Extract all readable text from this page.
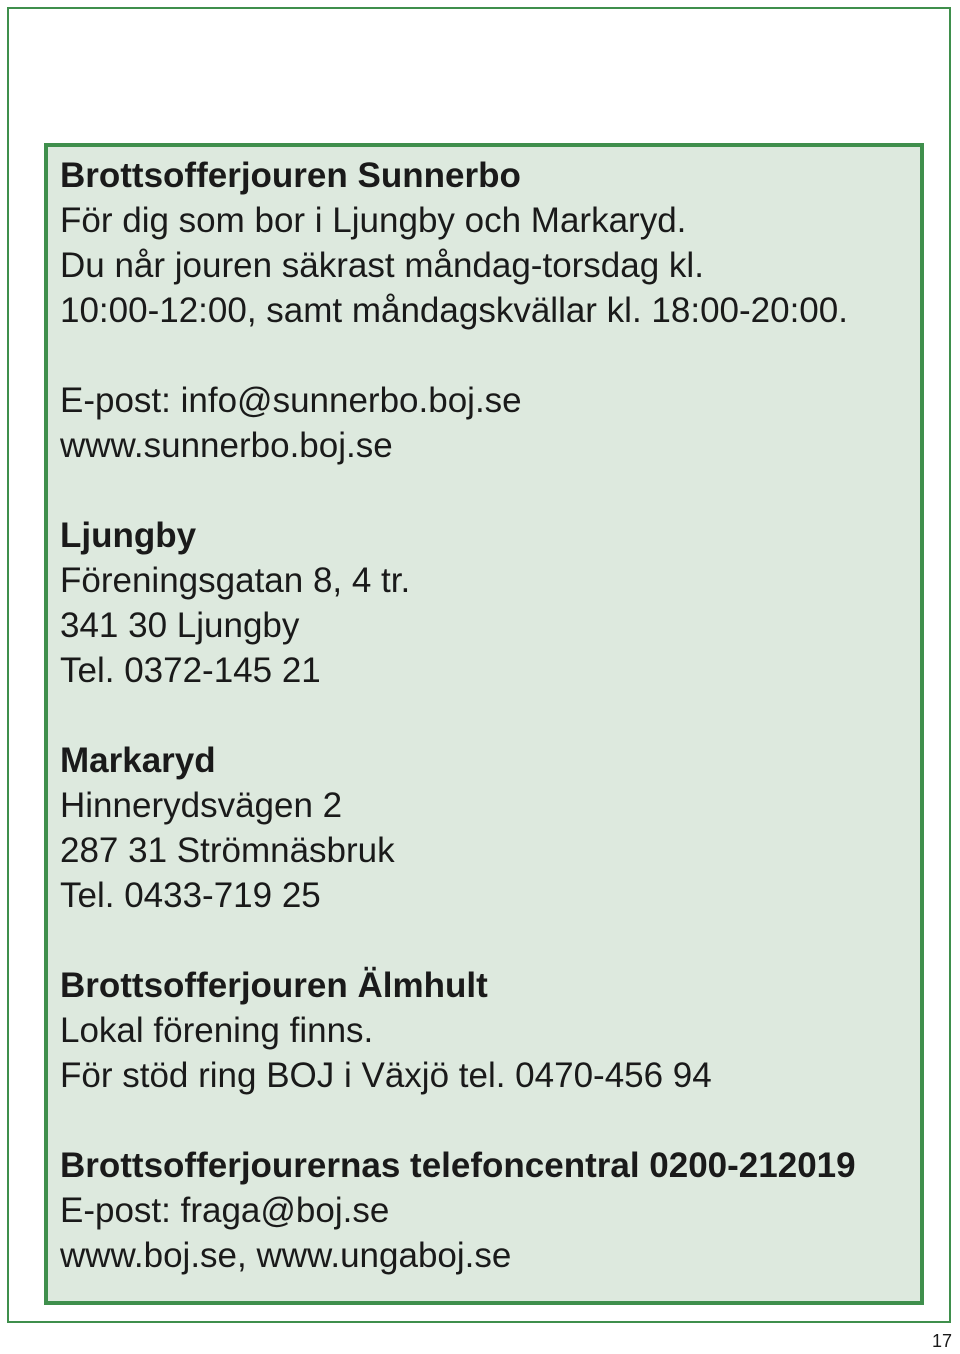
Brottsofferjouren Sunnerbo
För dig som bor i Ljungby och Markaryd.
Du når jouren säkrast måndag-torsdag kl.
10:00-12:00, samt måndagskvällar kl. 18:00-20:00.
E-post: info@sunnerbo.boj.se
www.sunnerbo.boj.se
Ljungby
Föreningsgatan 8, 4 tr.
341 30 Ljungby
Tel. 0372-145 21
Markaryd
Hinnerydsvägen 2
287 31 Strömnäsbruk
Tel. 0433-719 25
Brottsofferjouren Älmhult
Lokal förening finns.
För stöd ring BOJ i Växjö tel. 0470-456 94
Brottsofferjourernas telefoncentral 0200-212019
E-post: fraga@boj.se
www.boj.se, www.ungaboj.se
17
